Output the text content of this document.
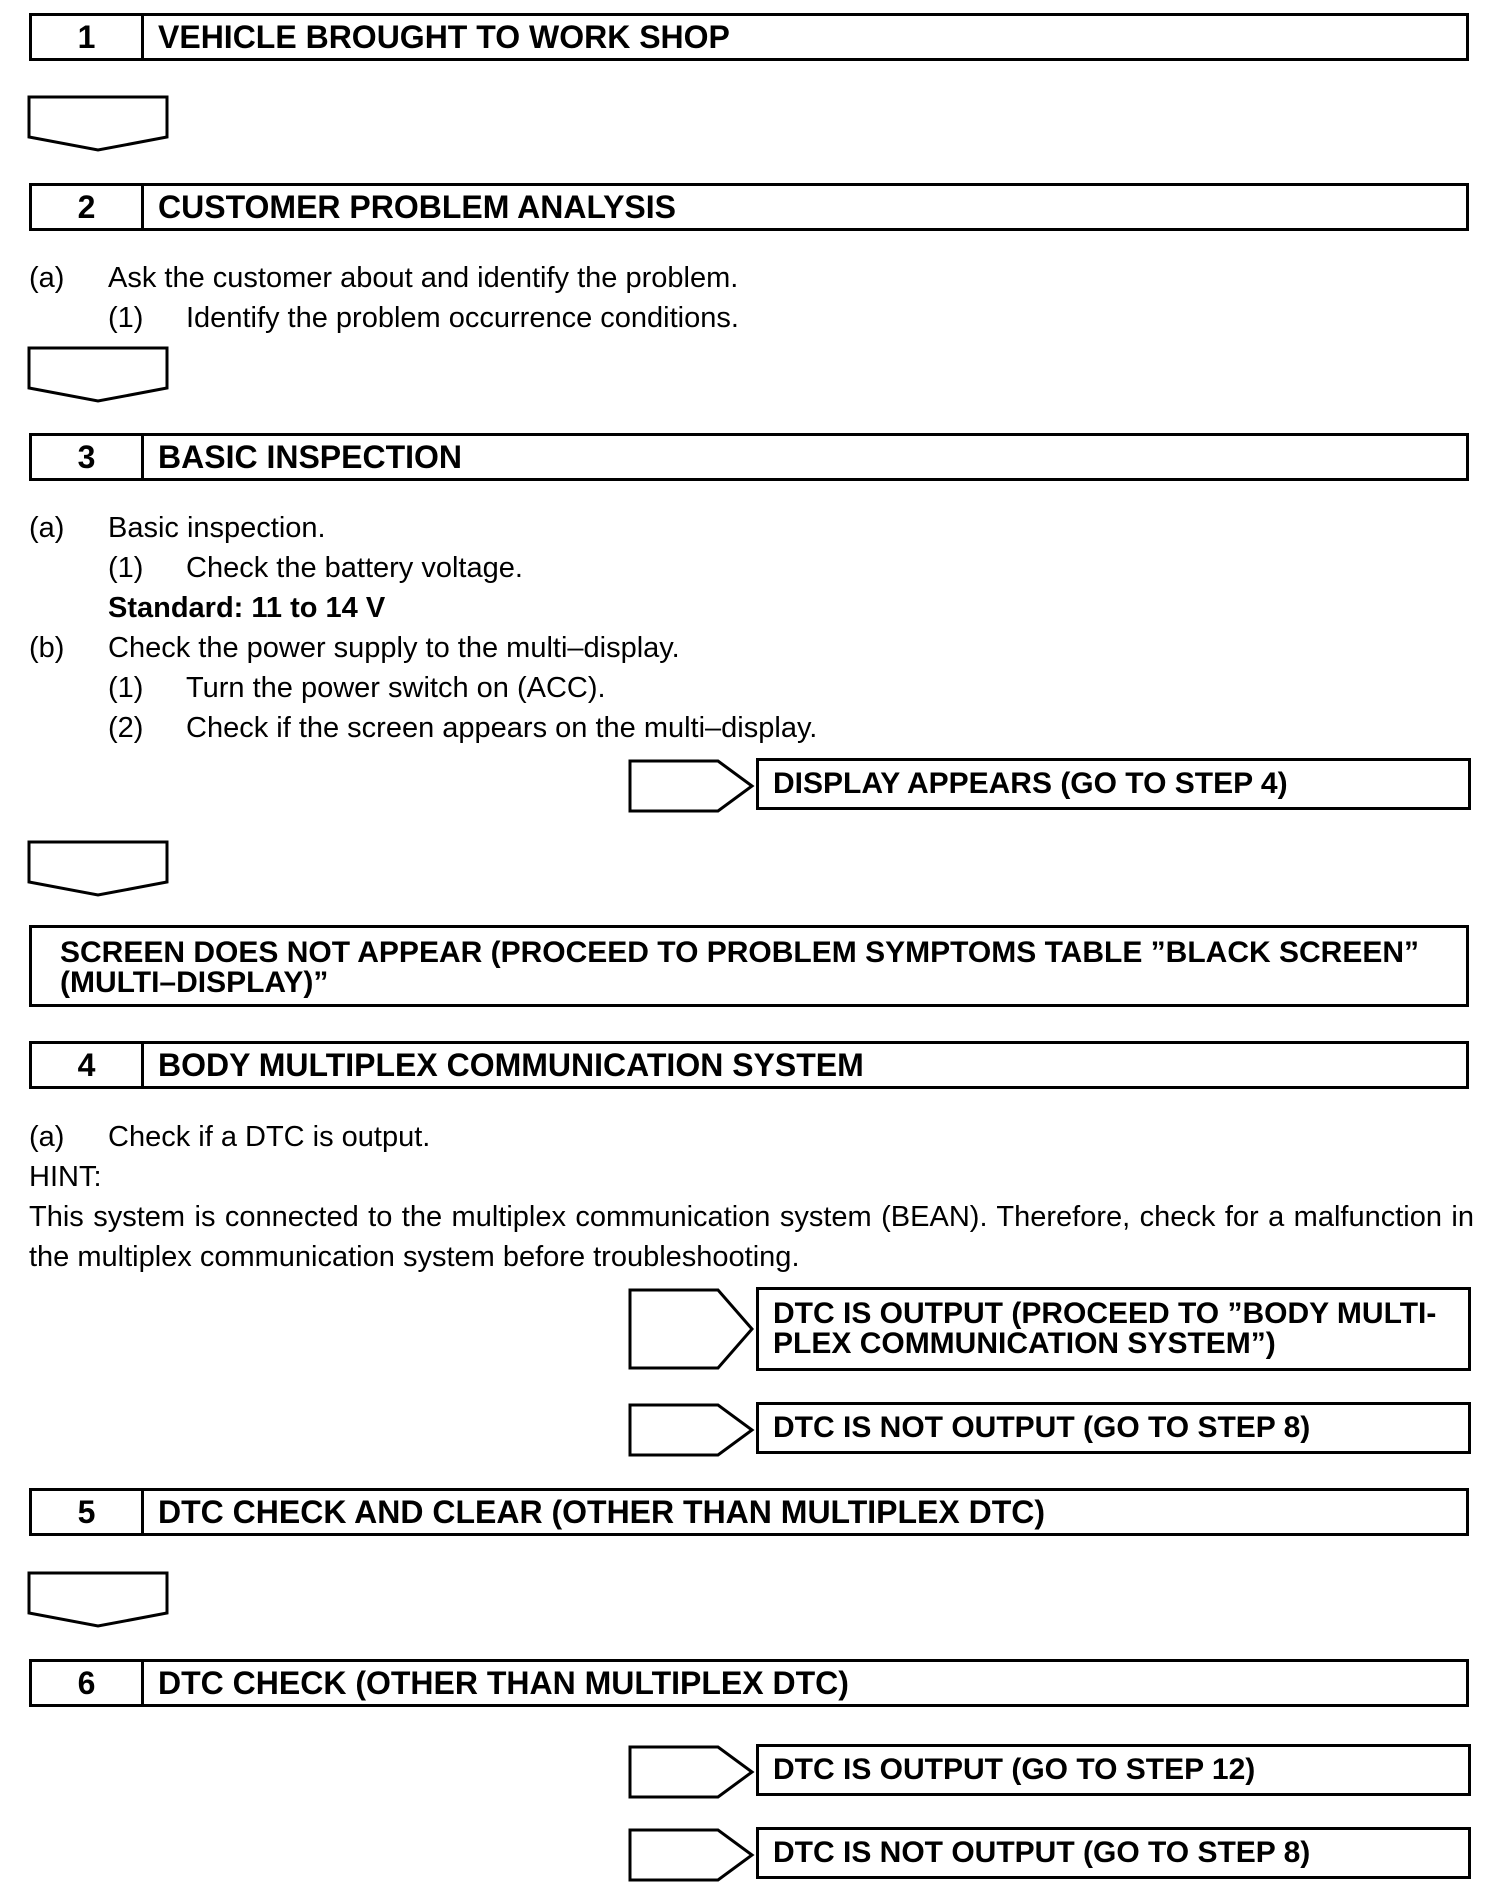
1	VEHICLE BROUGHT TO WORK SHOP
2	CUSTOMER PROBLEM ANALYSIS
(a) Ask the customer about and identify the problem.
(1) Identify the problem occurrence conditions.
3	BASIC INSPECTION
(a) Basic inspection.
(1) Check the battery voltage.
Standard: 11 to 14 V
(b) Check the power supply to the multi–display.
(1) Turn the power switch on (ACC).
(2) Check if the screen appears on the multi–display.
DISPLAY APPEARS (GO TO STEP 4)
SCREEN DOES NOT APPEAR (PROCEED TO PROBLEM SYMPTOMS TABLE ”BLACK SCREEN”
(MULTI–DISPLAY)”
4	BODY MULTIPLEX COMMUNICATION SYSTEM
(a) Check if a DTC is output.
HINT:
This system is connected to the multiplex communication system (BEAN). Therefore, check for a malfunction in the multiplex communication system before troubleshooting.
DTC IS OUTPUT (PROCEED TO ”BODY MULTI-
PLEX COMMUNICATION SYSTEM”)
DTC IS NOT OUTPUT (GO TO STEP 8)
5	DTC CHECK AND CLEAR (OTHER THAN MULTIPLEX DTC)
6	DTC CHECK (OTHER THAN MULTIPLEX DTC)
DTC IS OUTPUT (GO TO STEP 12)
DTC IS NOT OUTPUT (GO TO STEP 8)
